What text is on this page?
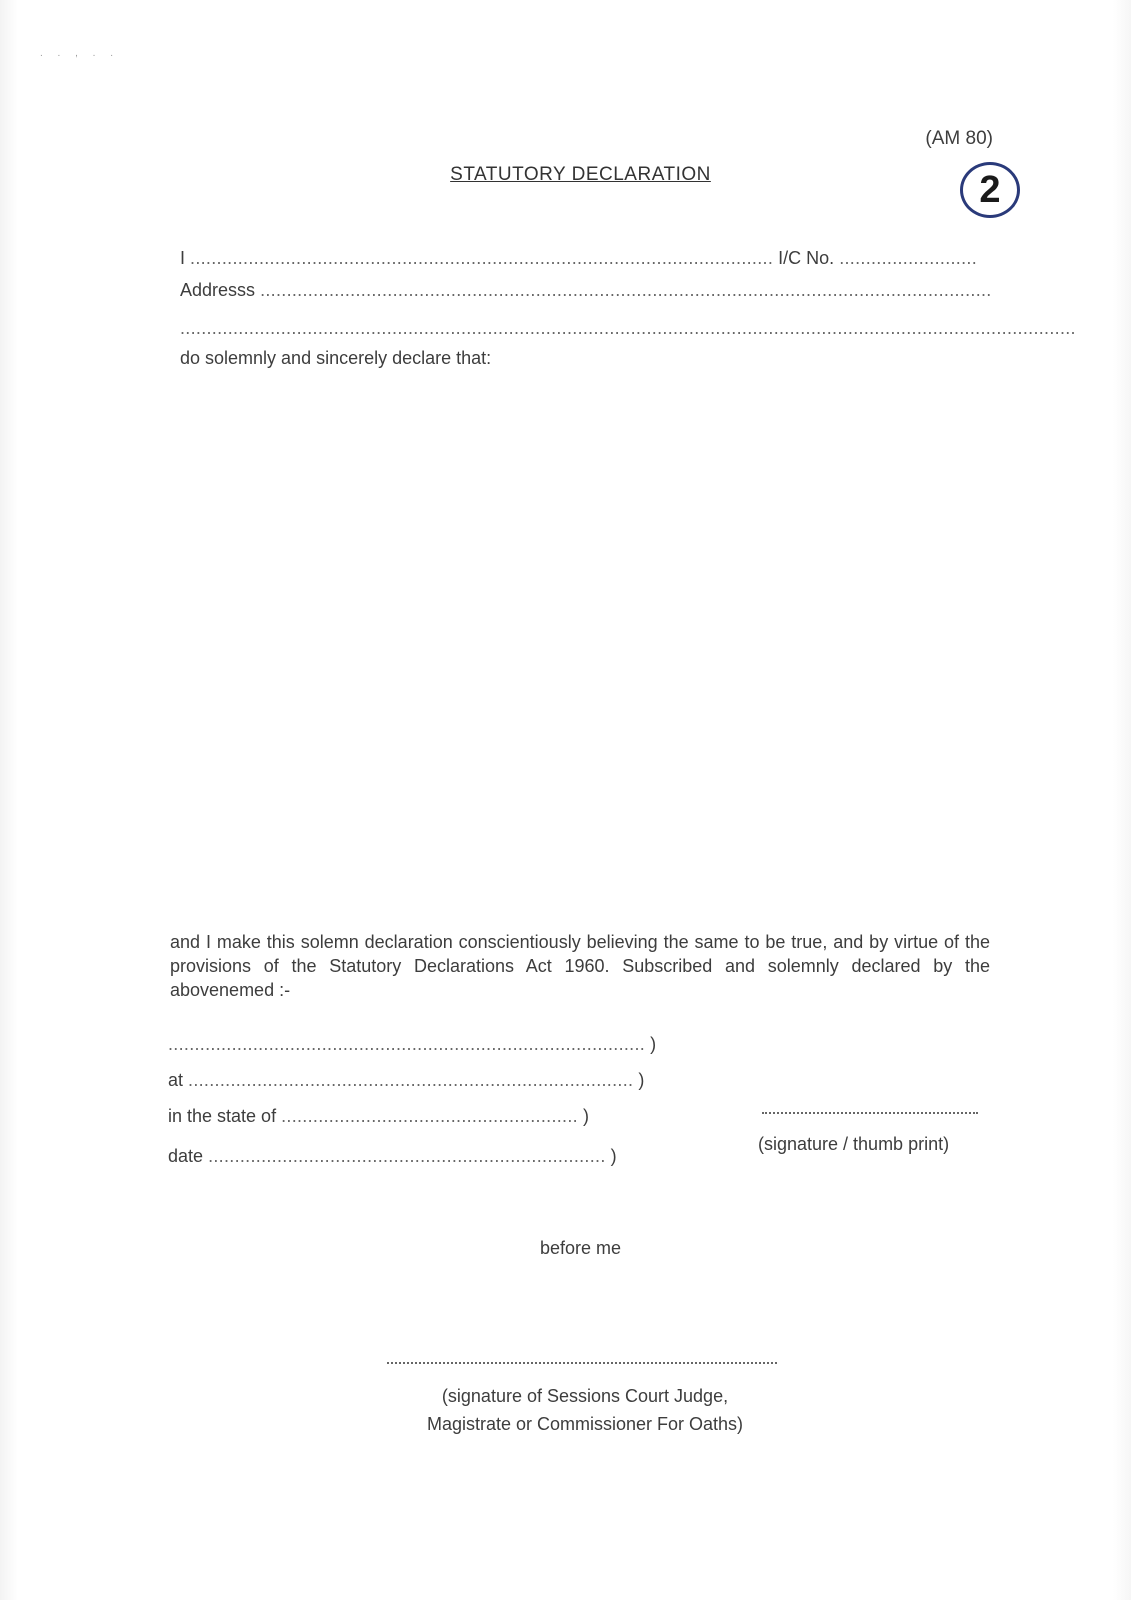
. . , . .
(AM 80)
2
STATUTORY DECLARATION
I .............................................................................................................. I/C No. ..........................
Addresss ..........................................................................................................................................
.........................................................................................................................................................................
do solemnly and sincerely declare that:
and I make this solemn declaration conscientiously believing the same to be true, and by virtue of the provisions of the Statutory Declarations Act 1960. Subscribed and solemnly declared by the abovenemed :-
.......................................................................................... )
at .................................................................................... )
in the state of ........................................................ )
date ........................................................................... )
(signature / thumb print)
before me
(signature of Sessions Court Judge,
Magistrate or Commissioner For Oaths)
